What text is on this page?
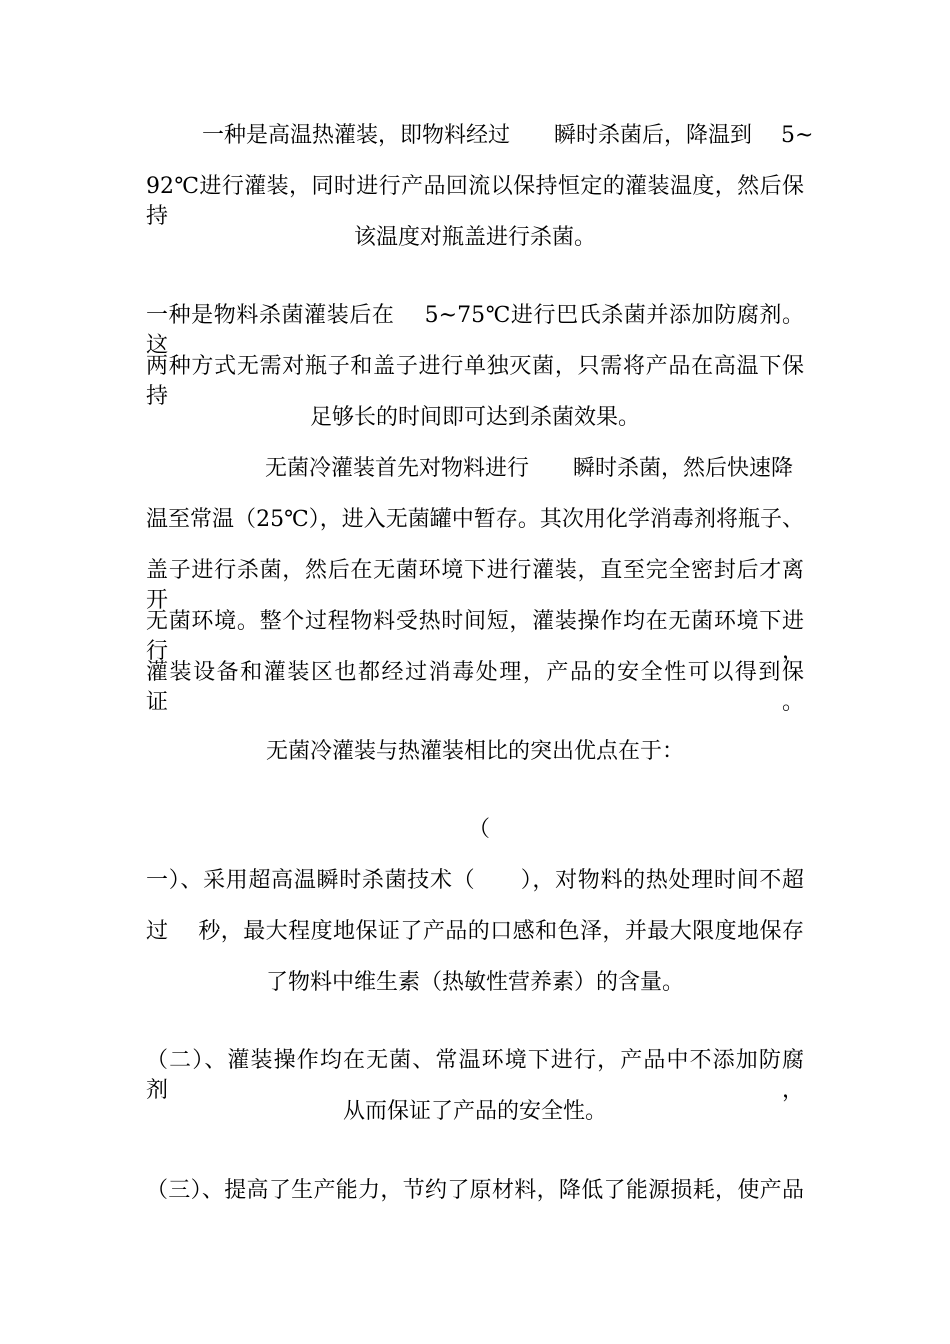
一种是高温热灌装，即物料经过　　瞬时杀菌后，降温到　 5~
92℃进行灌装，同时进行产品回流以保持恒定的灌装温度，然后保持
该温度对瓶盖进行杀菌。
一种是物料杀菌灌装后在　 5~75℃进行巴氏杀菌并添加防腐剂。 这
两种方式无需对瓶子和盖子进行单独灭菌，只需将产品在高温下保持
足够长的时间即可达到杀菌效果。
无菌冷灌装首先对物料进行　　瞬时杀菌，然后快速降
温至常温（25℃），进入无菌罐中暂存。其次用化学消毒剂将瓶子、
盖子进行杀菌，然后在无菌环境下进行灌装，直至完全密封后才离开
无菌环境。整个过程物料受热时间短，灌装操作均在无菌环境下进行，
灌装设备和灌装区也都经过消毒处理，产品的安全性可以得到保证。
无菌冷灌装与热灌装相比的突出优点在于：
（
一）、采用超高温瞬时杀菌技术（　　），对物料的热处理时间不超
过　 秒，最大程度地保证了产品的口感和色泽，并最大限度地保存
了物料中维生素（热敏性营养素）的含量。
（二）、灌装操作均在无菌、常温环境下进行，产品中不添加防腐剂，
从而保证了产品的安全性。
（三）、提高了生产能力，节约了原材料，降低了能源损耗，使产品
